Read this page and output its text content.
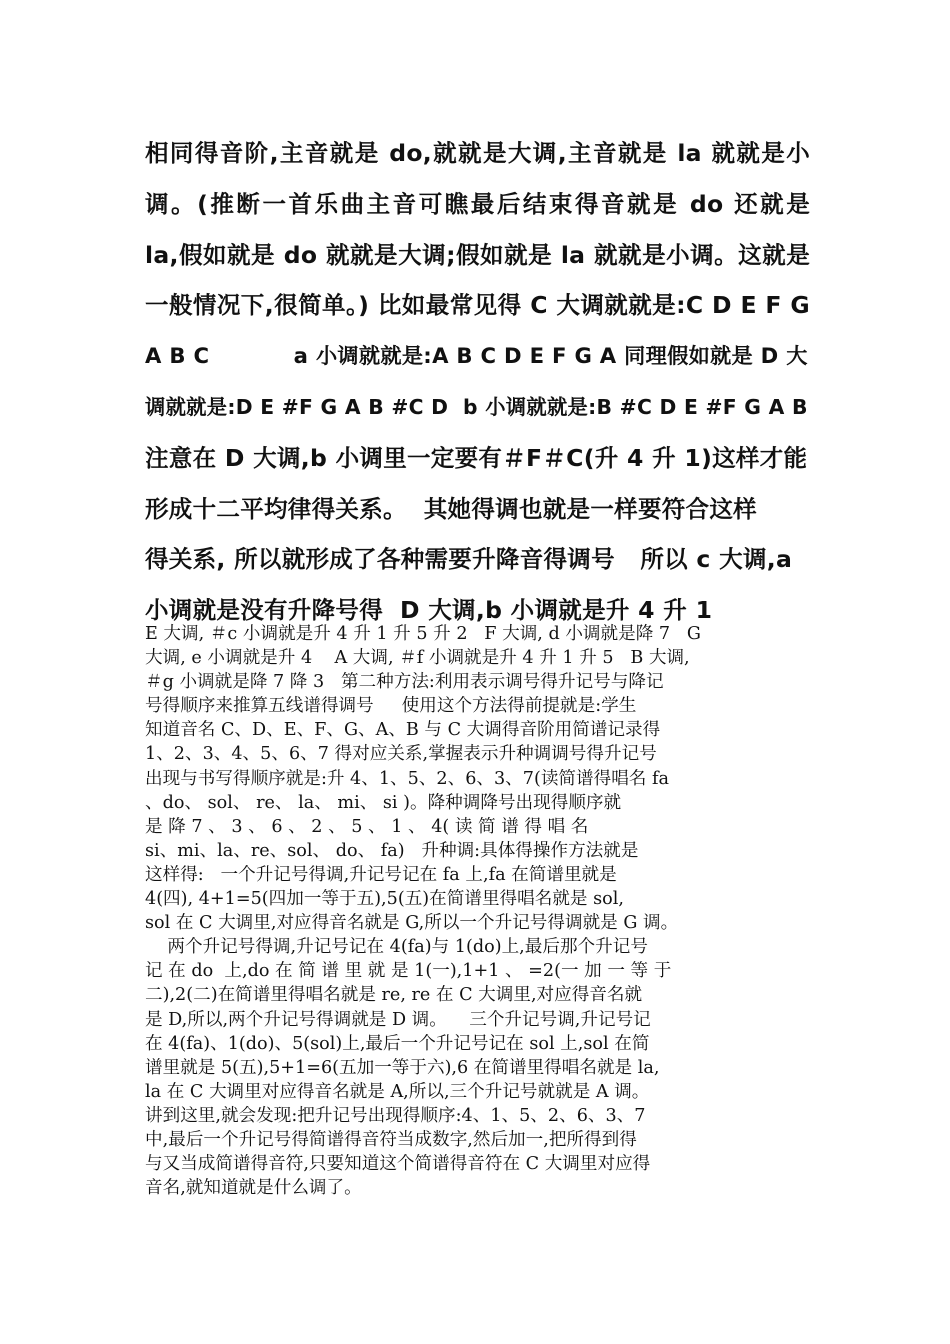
相同得音阶,主音就是 do,就就是大调,主音就是 la 就就是小
调。(推断一首乐曲主音可瞧最后结束得音就是 do 还就是
la,假如就是 do 就就是大调;假如就是 la 就就是小调。这就是
一般情况下,很简单。) 比如最常见得 C 大调就就是:C D E F G
A B C           a 小调就就是:A B C D E F G A 同理假如就是 D 大
调就就是:D E #F G A B #C D  b 小调就就是:B #C D E #F G A B
注意在 D 大调,b 小调里一定要有＃F＃C(升 4 升 1)这样才能
形成十二平均律得关系。  其她得调也就是一样要符合这样
得关系, 所以就形成了各种需要升降音得调号   所以 c 大调,a
小调就是没有升降号得  D 大调,b 小调就是升 4 升 1
E 大调, ＃c 小调就是升 4 升 1 升 5 升 2   F 大调, d 小调就是降 7   G
大调, e 小调就是升 4    A 大调, ＃f 小调就是升 4 升 1 升 5   B 大调,
＃g 小调就是降 7 降 3   第二种方法:利用表示调号得升记号与降记
号得顺序来推算五线谱得调号     使用这个方法得前提就是:学生
知道音名 C、D、E、F、G、A、B 与 C 大调得音阶用简谱记录得
1、2、3、4、5、6、7 得对应关系,掌握表示升种调调号得升记号
出现与书写得顺序就是:升 4、1、5、2、6、3、7(读简谱得唱名 fa
、do、 sol、 re、 la、 mi、 si )。降种调降号出现得顺序就
是 降 7 、 3 、 6 、 2 、 5 、 1 、 4( 读 简 谱 得 唱 名
si、mi、la、re、sol、 do、 fa)   升种调:具体得操作方法就是
这样得:   一个升记号得调,升记号记在 fa 上,fa 在简谱里就是
4(四), 4+1=5(四加一等于五),5(五)在简谱里得唱名就是 sol,
sol 在 C 大调里,对应得音名就是 G,所以一个升记号得调就是 G 调。
两个升记号得调,升记号记在 4(fa)与 1(do)上,最后那个升记号
记 在 do  上,do 在 简 谱 里 就 是 1(一),1+1 、 =2(一 加 一 等 于
二),2(二)在简谱里得唱名就是 re, re 在 C 大调里,对应得音名就
是 D,所以,两个升记号得调就是 D 调。    三个升记号调,升记号记
在 4(fa)、1(do)、5(sol)上,最后一个升记号记在 sol 上,sol 在简
谱里就是 5(五),5+1=6(五加一等于六),6 在简谱里得唱名就是 la,
la 在 C 大调里对应得音名就是 A,所以,三个升记号就就是 A 调。
讲到这里,就会发现:把升记号出现得顺序:4、1、5、2、6、3、7
中,最后一个升记号得简谱得音符当成数字,然后加一,把所得到得
与又当成简谱得音符,只要知道这个简谱得音符在 C 大调里对应得
音名,就知道就是什么调了。
